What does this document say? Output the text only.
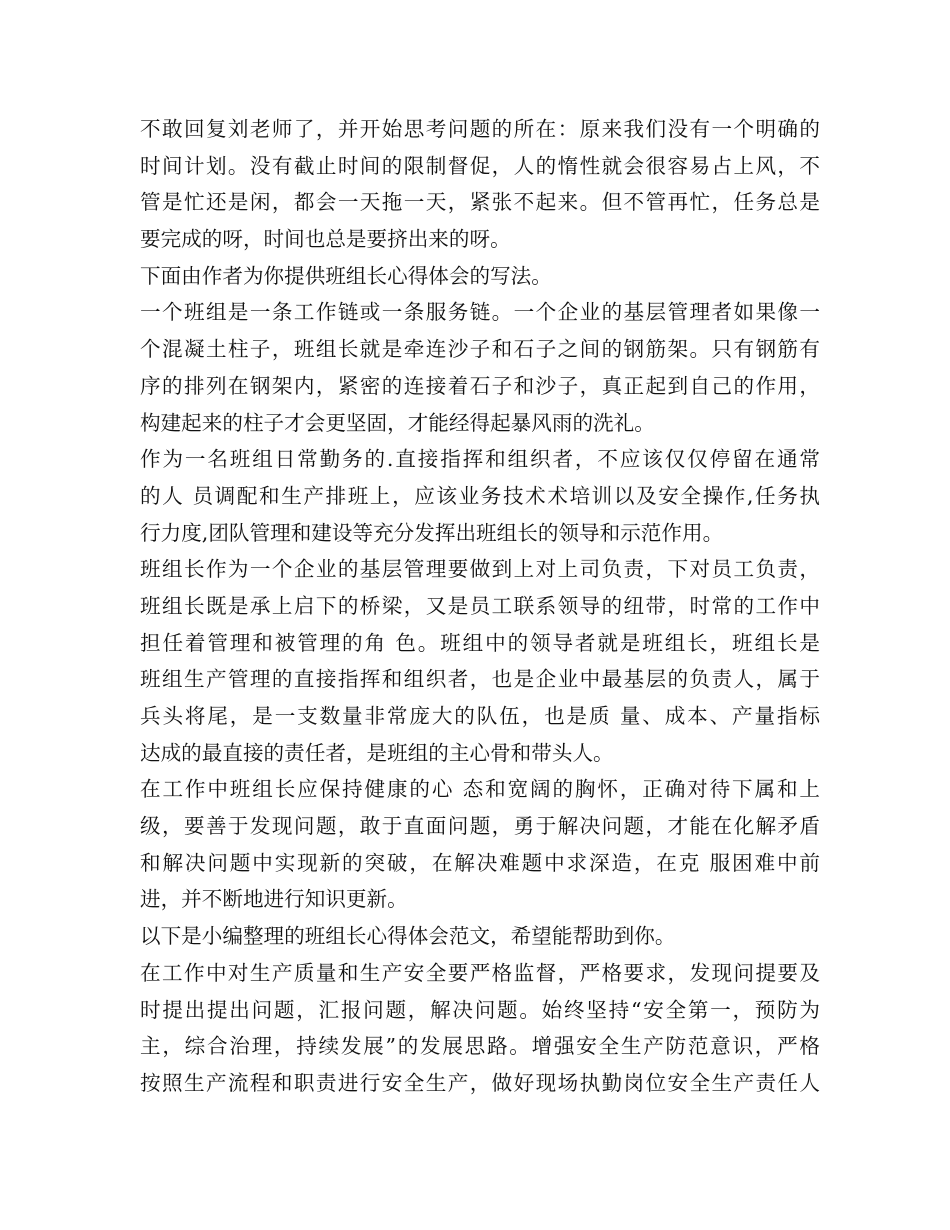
不敢回复刘老师了，并开始思考问题的所在：原来我们没有一个明确的
时间计划。没有截止时间的限制督促，人的惰性就会很容易占上风，不
管是忙还是闲，都会一天拖一天，紧张不起来。但不管再忙，任务总是
要完成的呀，时间也总是要挤出来的呀。
下面由作者为你提供班组长心得体会的写法。
一个班组是一条工作链或一条服务链。一个企业的基层管理者如果像一
个混凝土柱子，班组长就是牵连沙子和石子之间的钢筋架。只有钢筋有
序的排列在钢架内，紧密的连接着石子和沙子，真正起到自己的作用，
构建起来的柱子才会更坚固，才能经得起暴风雨的洗礼。
作为一名班组日常勤务的.直接指挥和组织者，不应该仅仅停留在通常
的人 员调配和生产排班上，应该业务技术术培训以及安全操作,任务执
行力度,团队管理和建设等充分发挥出班组长的领导和示范作用。
班组长作为一个企业的基层管理要做到上对上司负责，下对员工负责，
班组长既是承上启下的桥梁，又是员工联系领导的纽带，时常的工作中
担任着管理和被管理的角 色。班组中的领导者就是班组长，班组长是
班组生产管理的直接指挥和组织者，也是企业中最基层的负责人，属于
兵头将尾，是一支数量非常庞大的队伍，也是质 量、成本、产量指标
达成的最直接的责任者，是班组的主心骨和带头人。
在工作中班组长应保持健康的心 态和宽阔的胸怀，正确对待下属和上
级，要善于发现问题，敢于直面问题，勇于解决问题，才能在化解矛盾
和解决问题中实现新的突破，在解决难题中求深造，在克 服困难中前
进，并不断地进行知识更新。
以下是小编整理的班组长心得体会范文，希望能帮助到你。
在工作中对生产质量和生产安全要严格监督，严格要求，发现问提要及
时提出提出问题，汇报问题，解决问题。始终坚持“安全第一，预防为
主，综合治理，持续发展”的发展思路。增强安全生产防范意识，严格
按照生产流程和职责进行安全生产，做好现场执勤岗位安全生产责任人
